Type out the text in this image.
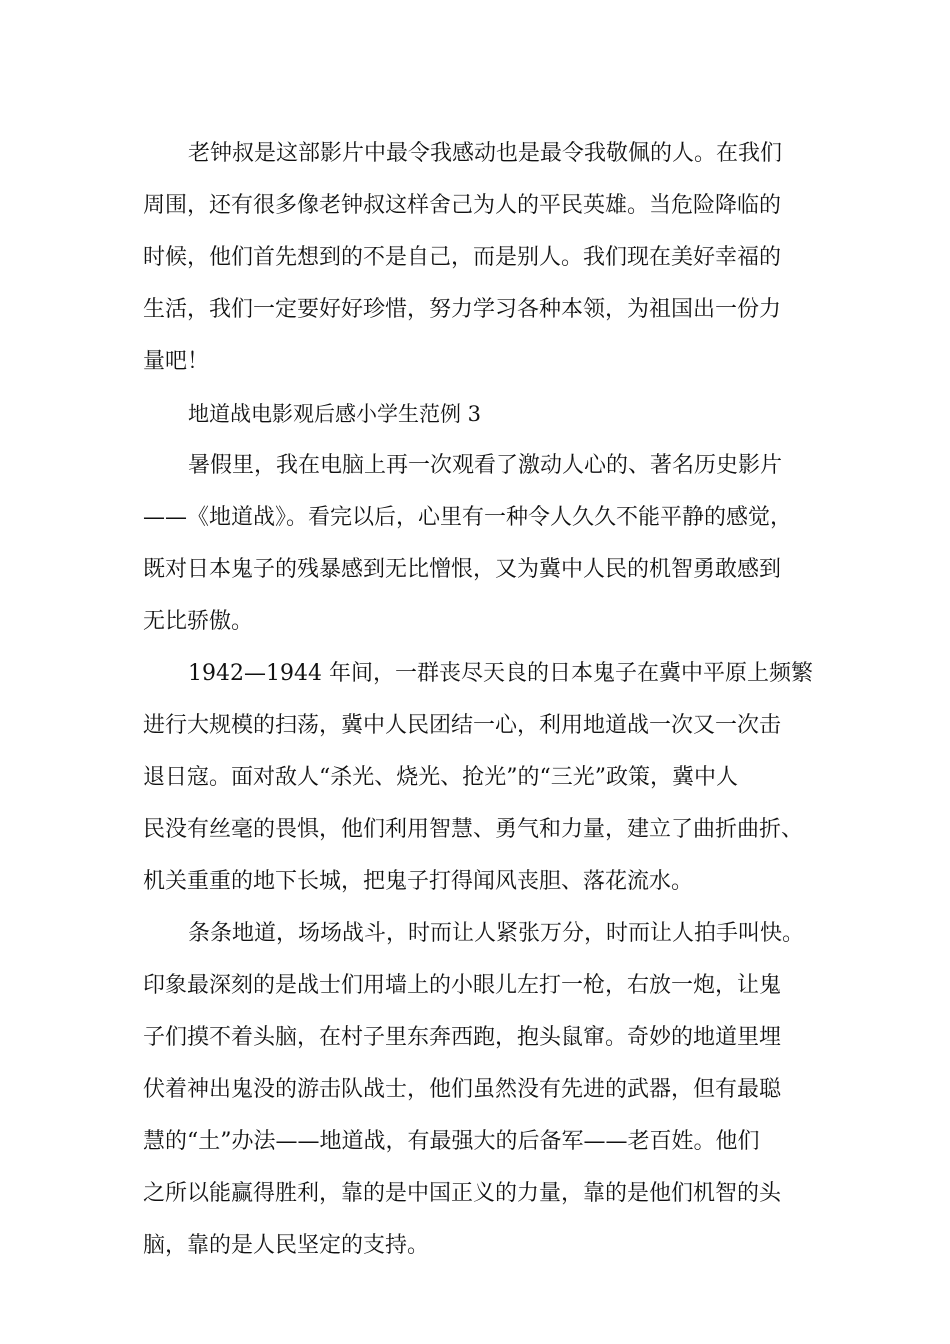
老钟叔是这部影片中最令我感动也是最令我敬佩的人。在我们
周围，还有很多像老钟叔这样舍己为人的平民英雄。当危险降临的
时候，他们首先想到的不是自己，而是别人。我们现在美好幸福的
生活，我们一定要好好珍惜，努力学习各种本领，为祖国出一份力
量吧！

地道战电影观后感小学生范例 3

暑假里，我在电脑上再一次观看了激动人心的、著名历史影片
——《地道战》。看完以后，心里有一种令人久久不能平静的感觉，
既对日本鬼子的残暴感到无比憎恨，又为冀中人民的机智勇敢感到
无比骄傲。

1942—1944 年间，一群丧尽天良的日本鬼子在冀中平原上频繁
进行大规模的扫荡，冀中人民团结一心，利用地道战一次又一次击
退日寇。面对敌人“杀光、烧光、抢光”的“三光”政策，冀中人
民没有丝毫的畏惧，他们利用智慧、勇气和力量，建立了曲折曲折、
机关重重的地下长城，把鬼子打得闻风丧胆、落花流水。

条条地道，场场战斗，时而让人紧张万分，时而让人拍手叫快。
印象最深刻的是战士们用墙上的小眼儿左打一枪，右放一炮，让鬼
子们摸不着头脑，在村子里东奔西跑，抱头鼠窜。奇妙的地道里埋
伏着神出鬼没的游击队战士，他们虽然没有先进的武器，但有最聪
慧的“土”办法——地道战，有最强大的后备军——老百姓。他们
之所以能赢得胜利，靠的是中国正义的力量，靠的是他们机智的头
脑，靠的是人民坚定的支持。
